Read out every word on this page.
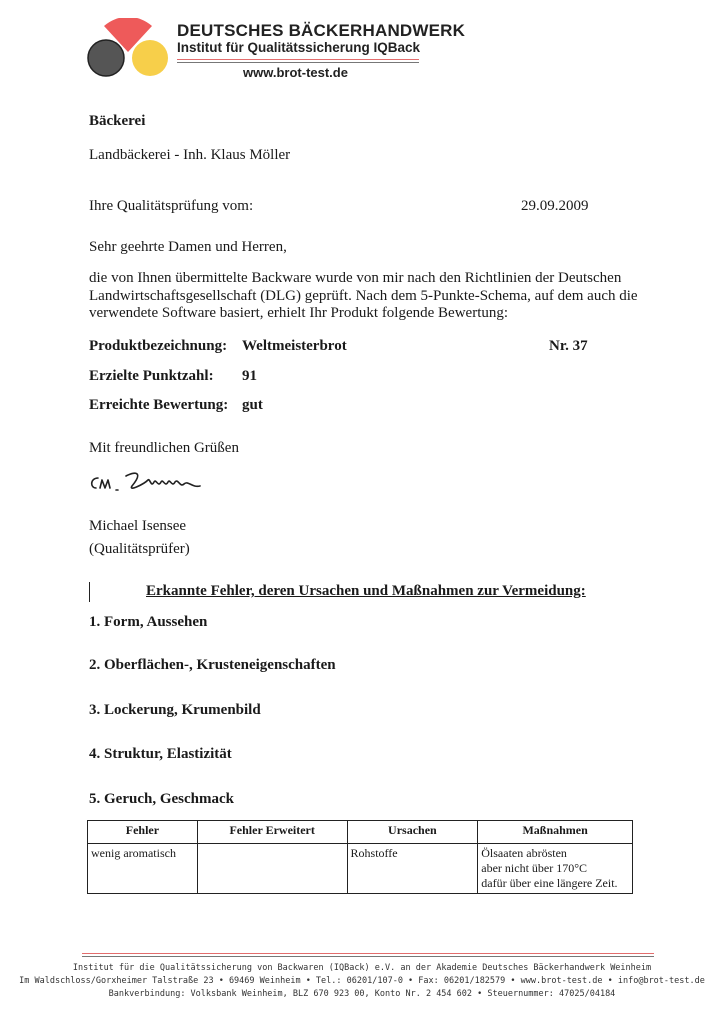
DEUTSCHES BÄCKERHANDWERK
Institut für Qualitätssicherung IQBack
www.brot-test.de
Bäckerei
Landbäckerei - Inh. Klaus Möller
Ihre Qualitätsprüfung vom:	29.09.2009
Sehr geehrte Damen und Herren,
die von Ihnen übermittelte Backware wurde von mir nach den Richtlinien der Deutschen
Landwirtschaftsgesellschaft (DLG) geprüft. Nach dem 5-Punkte-Schema, auf dem auch die
verwendete Software basiert, erhielt Ihr Produkt folgende Bewertung:
Produktbezeichnung: Weltmeisterbrot	Nr. 37
Erzielte Punktzahl: 91
Erreichte Bewertung: gut
Mit freundlichen Grüßen
Michael Isensee
(Qualitätsprüfer)
Erkannte Fehler, deren Ursachen und Maßnahmen zur Vermeidung:
1. Form, Aussehen
2. Oberflächen-, Krusteneigenschaften
3. Lockerung, Krumenbild
4. Struktur, Elastizität
5. Geruch, Geschmack
Fehler	Fehler Erweitert	Ursachen	Maßnahmen
wenig aromatisch		Rohstoffe	Ölsaaten abrösten
aber nicht über 170°C
dafür über eine längere Zeit.
Institut für die Qualitätssicherung von Backwaren (IQBack) e.V. an der Akademie Deutsches Bäckerhandwerk Weinheim
Im Waldschloss/Gorxheimer Talstraße 23 • 69469 Weinheim • Tel.: 06201/107-0 • Fax: 06201/182579 • www.brot-test.de • info@brot-test.de
Bankverbindung: Volksbank Weinheim, BLZ 670 923 00, Konto Nr. 2 454 602 • Steuernummer: 47025/04184
